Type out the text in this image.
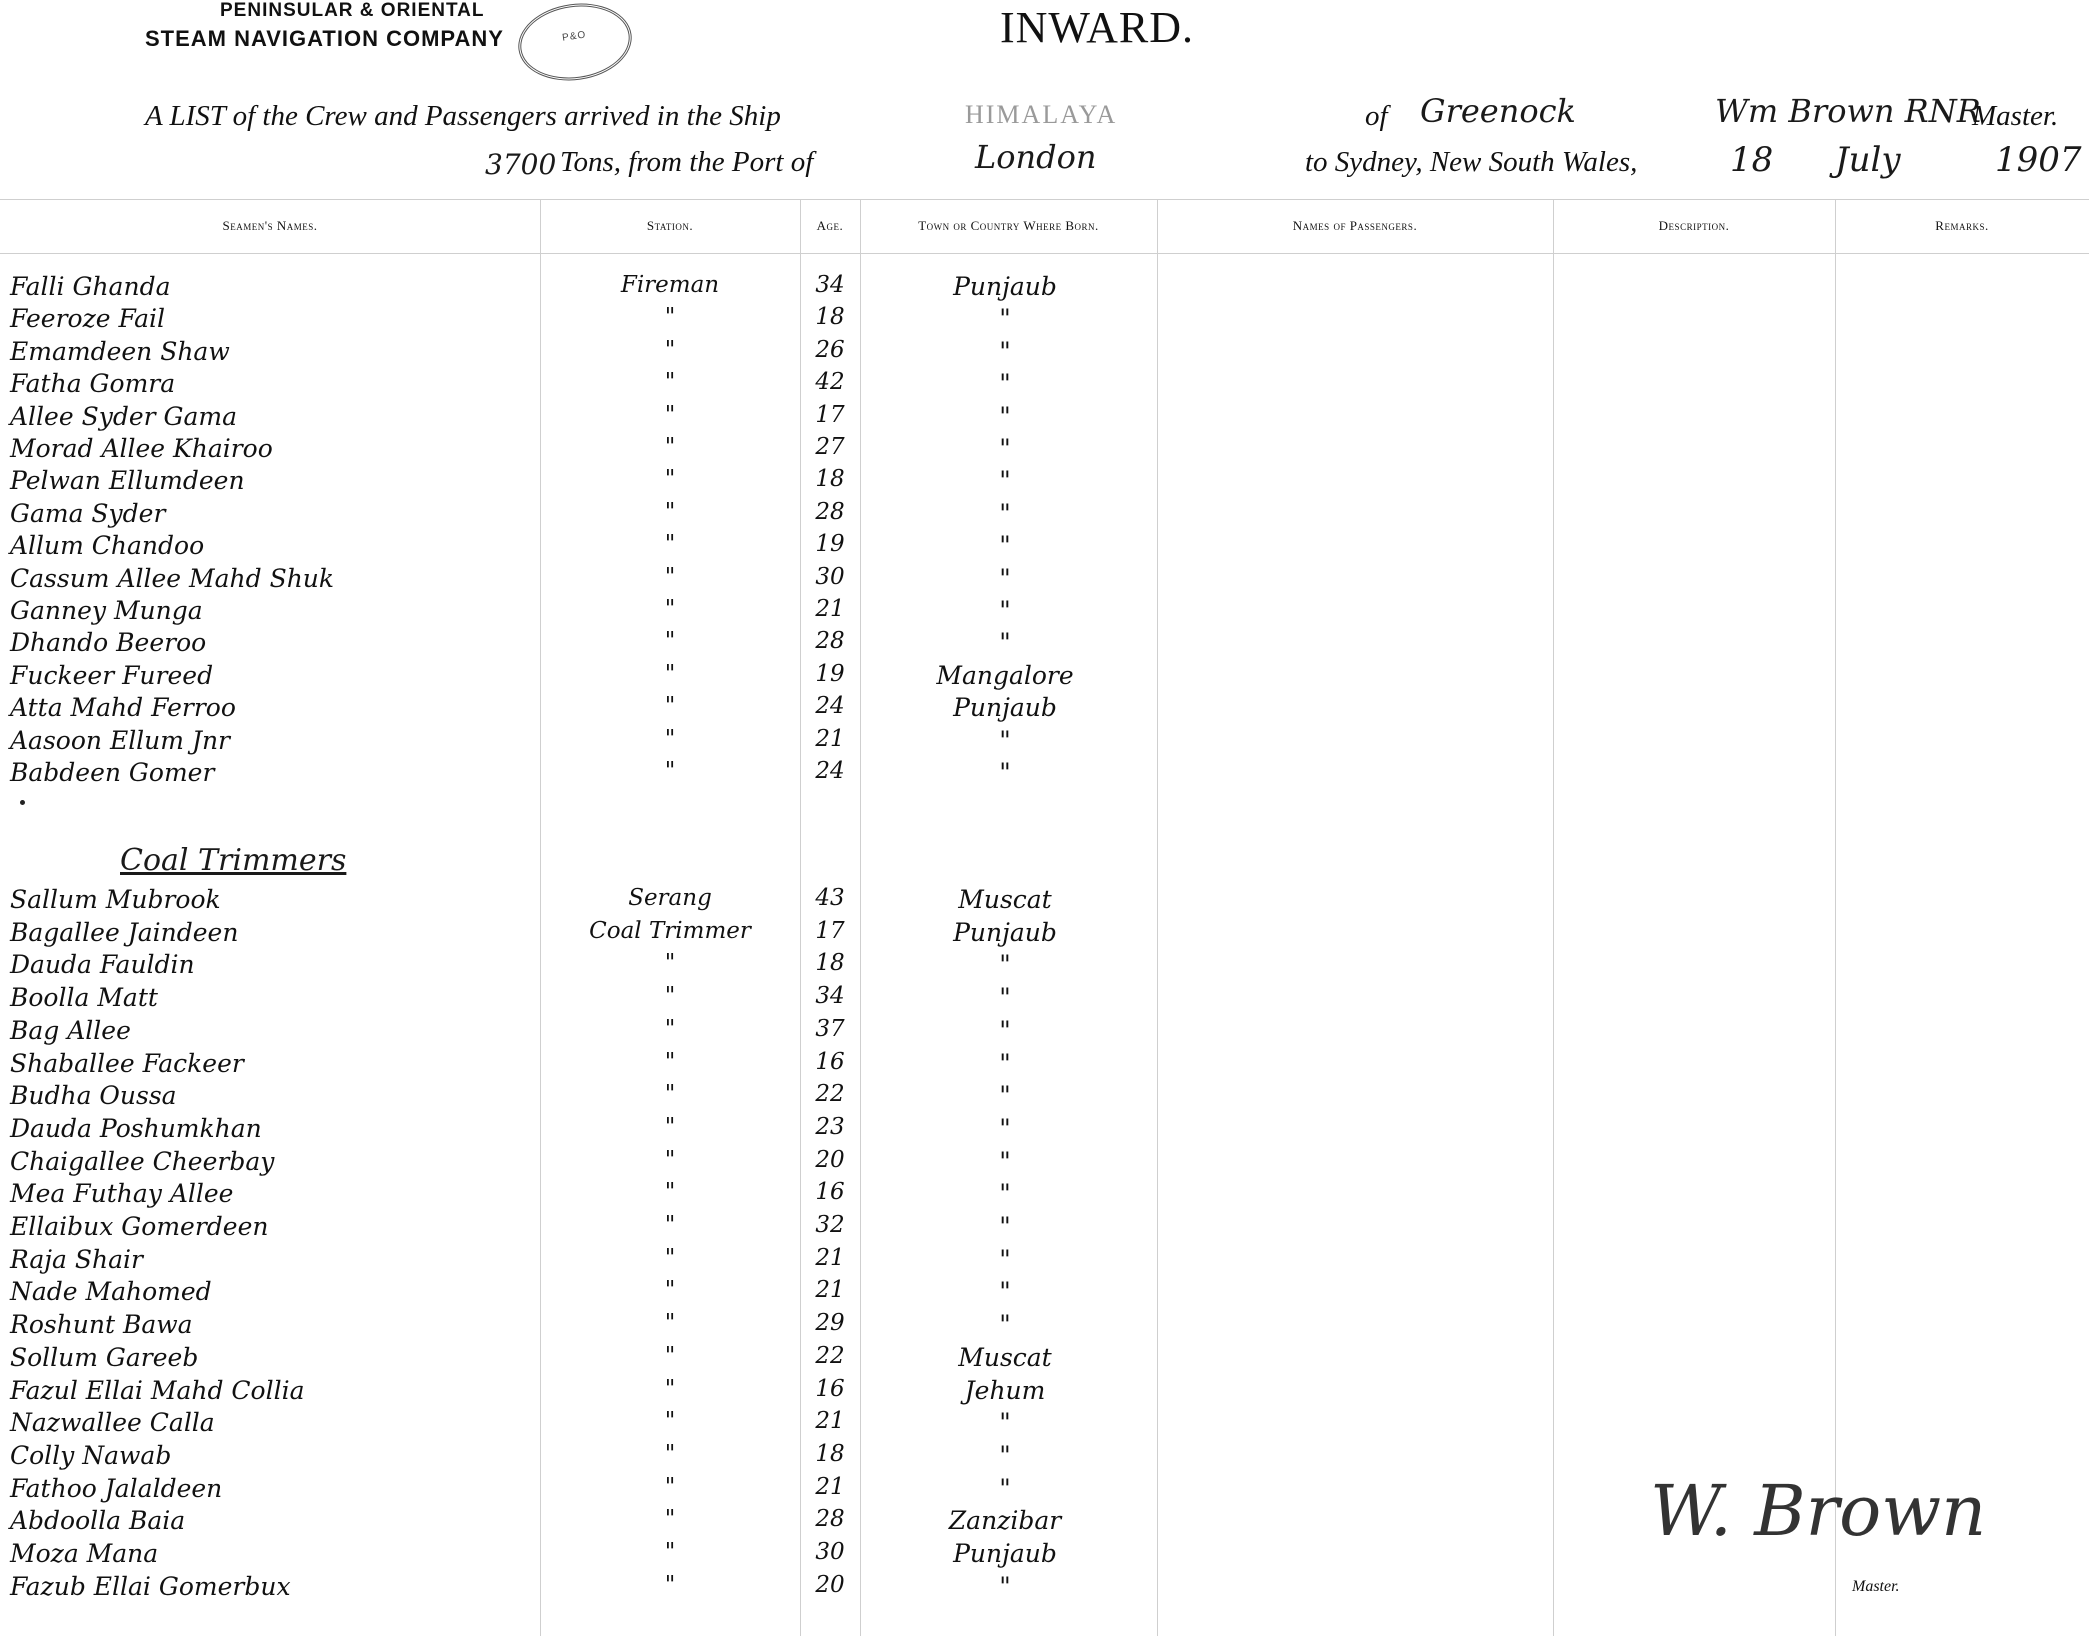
PENINSULAR & ORIENTAL
STEAM NAVIGATION COMPANY	P&O	INWARD.
A LIST of the Crew and Passengers arrived in the Ship	HIMALAYA	of Greenock	Wm Brown RNR
Master.
3700 Tons, from the Port of	London	to Sydney, New South Wales,	18 July	1907
Seamen's Names.	Station.	Age.	Town or Country Where Born.	Names of Passengers.	Description.	Remarks.
Falli Ghanda	Fireman	34	Punjaub
Feeroze Fail	"	18	"
Emamdeen Shaw	"	26	"
Fatha Gomra	"	42	"
Allee Syder Gama	"	17	"
Morad Allee Khairoo	"	27	"
Pelwan Ellumdeen	"	18	"
Gama Syder	"	28	"
Allum Chandoo	"	19	"
Cassum Allee Mahd Shuk	"	30	"
Ganney Munga	"	21	"
Dhando Beeroo	"	28	"
Fuckeer Fureed	"	19	Mangalore
Atta Mahd Ferroo	"	24	Punjaub
Aasoon Ellum Jnr	"	21	"
Babdeen Gomer	"	24	"
Coal Trimmers
Sallum Mubrook	Serang	43	Muscat
Bagallee Jaindeen	Coal Trimmer	17	Punjaub
Dauda Fauldin	"	18	"
Boolla Matt	"	34	"
Bag Allee	"	37	"
Shaballee Fackeer	"	16	"
Budha Oussa	"	22	"
Dauda Poshumkhan	"	23	"
Chaigallee Cheerbay	"	20	"
Mea Futhay Allee	"	16	"
Ellaibux Gomerdeen	"	32	"
Raja Shair	"	21	"
Nade Mahomed	"	21	"
Roshunt Bawa	"	29	"
Sollum Gareeb	"	22	Muscat
Fazul Ellai Mahd Collia	"	16	Jehum
Nazwallee Calla	"	21	"
Colly Nawab	"	18	"
Fathoo Jalaldeen	"	21	"
Abdoolla Baia	"	28	Zanzibar
Moza Mana	"	30	Punjaub
Fazub Ellai Gomerbux	"	20	"
W. Brown
Master.
